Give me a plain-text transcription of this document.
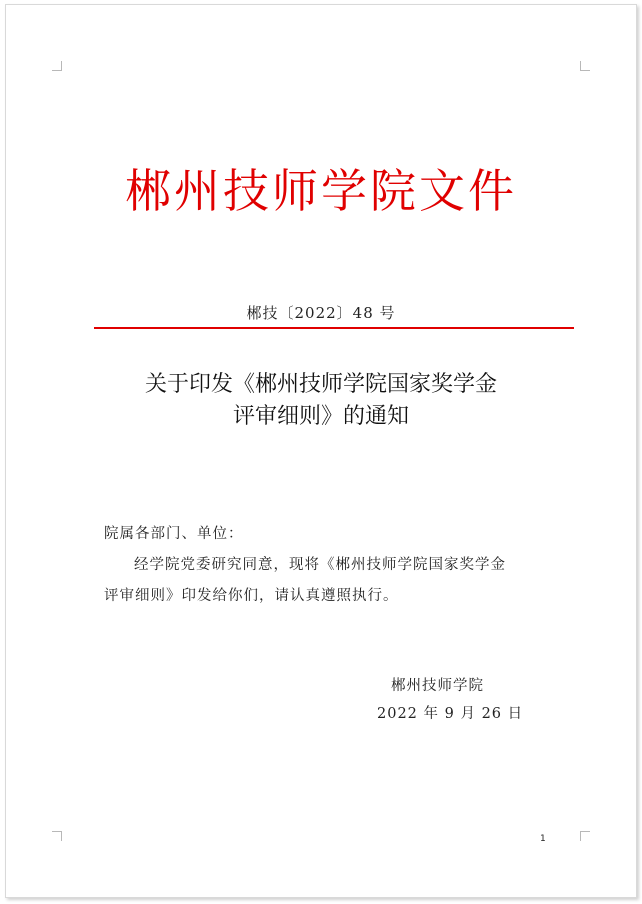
郴州技师学院文件
郴技〔2022〕48 号
关于印发《郴州技师学院国家奖学金
评审细则》的通知
院属各部门、单位：
经学院党委研究同意，现将《郴州技师学院国家奖学金
评审细则》印发给你们，请认真遵照执行。
郴州技师学院
2022 年 9 月 26 日
1
